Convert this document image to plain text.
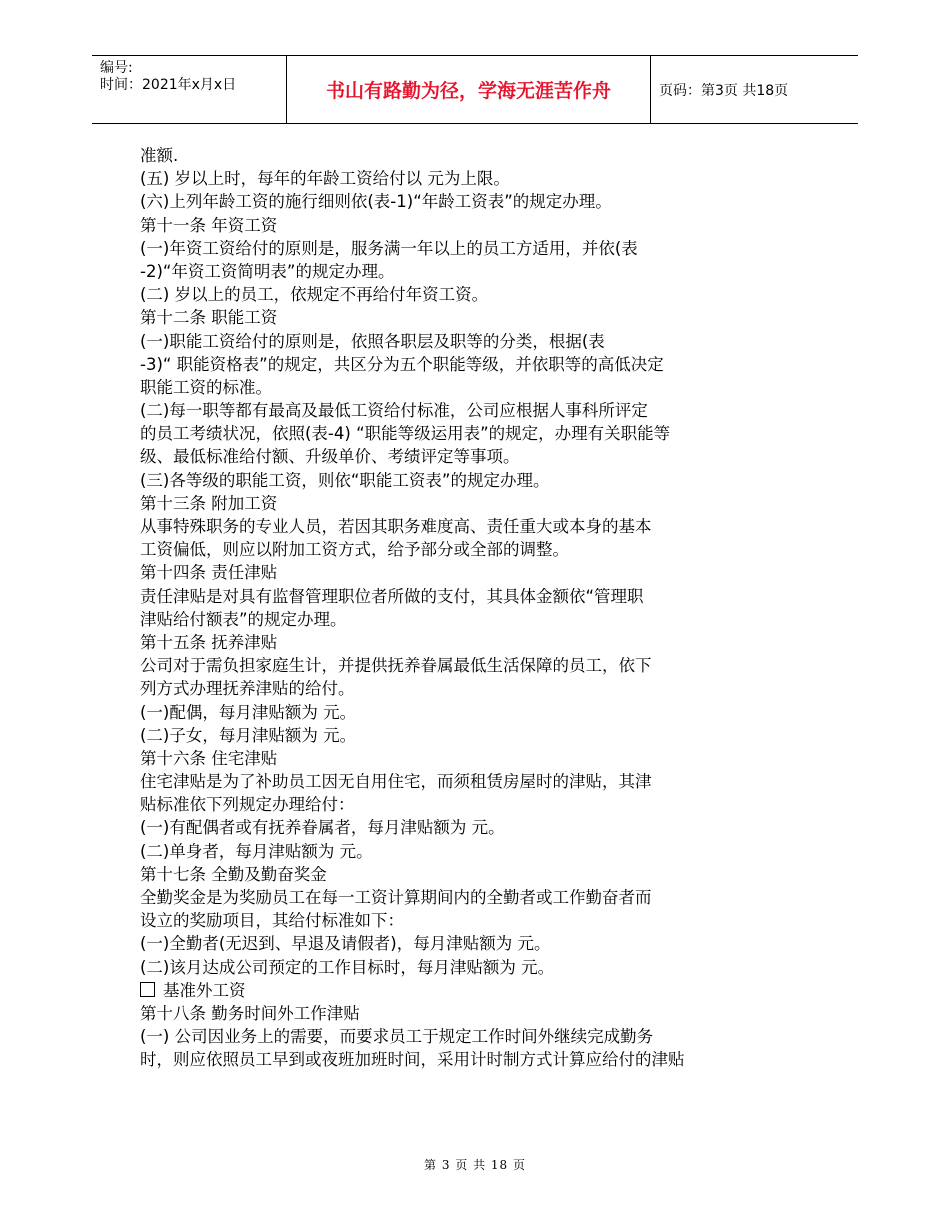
编号:
时间：2021年x月x日	书山有路勤为径，学海无涯苦作舟	页码：第3页 共18页
准额.
(五) 岁以上时，每年的年龄工资给付以 元为上限。
(六)上列年龄工资的施行细则依(表-1)“年龄工资表”的规定办理。
第十一条 年资工资
(一)年资工资给付的原则是，服务满一年以上的员工方适用，并依(表
-2)“年资工资简明表”的规定办理。
(二) 岁以上的员工，依规定不再给付年资工资。
第十二条 职能工资
(一)职能工资给付的原则是，依照各职层及职等的分类，根据(表
-3)“ 职能资格表”的规定，共区分为五个职能等级，并依职等的高低决定
职能工资的标准。
(二)每一职等都有最高及最低工资给付标准，公司应根据人事科所评定
的员工考绩状况，依照(表-4) “职能等级运用表”的规定，办理有关职能等
级、最低标准给付额、升级单价、考绩评定等事项。
(三)各等级的职能工资，则依“职能工资表”的规定办理。
第十三条 附加工资
从事特殊职务的专业人员，若因其职务难度高、责任重大或本身的基本
工资偏低，则应以附加工资方式，给予部分或全部的调整。
第十四条 责任津贴
责任津贴是对具有监督管理职位者所做的支付，其具体金额依“管理职
津贴给付额表”的规定办理。
第十五条 抚养津贴
公司对于需负担家庭生计，并提供抚养眷属最低生活保障的员工，依下
列方式办理抚养津贴的给付。
(一)配偶，每月津贴额为 元。
(二)子女，每月津贴额为 元。
第十六条 住宅津贴
住宅津贴是为了补助员工因无自用住宅，而须租赁房屋时的津贴，其津
贴标准依下列规定办理给付：
(一)有配偶者或有抚养眷属者，每月津贴额为 元。
(二)单身者，每月津贴额为 元。
第十七条 全勤及勤奋奖金
全勤奖金是为奖励员工在每一工资计算期间内的全勤者或工作勤奋者而
设立的奖励项目，其给付标准如下：
(一)全勤者(无迟到、早退及请假者)，每月津贴额为 元。
(二)该月达成公司预定的工作目标时，每月津贴额为 元。
基准外工资
第十八条 勤务时间外工作津贴
(一) 公司因业务上的需要，而要求员工于规定工作时间外继续完成勤务
时，则应依照员工早到或夜班加班时间，采用计时制方式计算应给付的津贴
第 3 页 共 18 页
